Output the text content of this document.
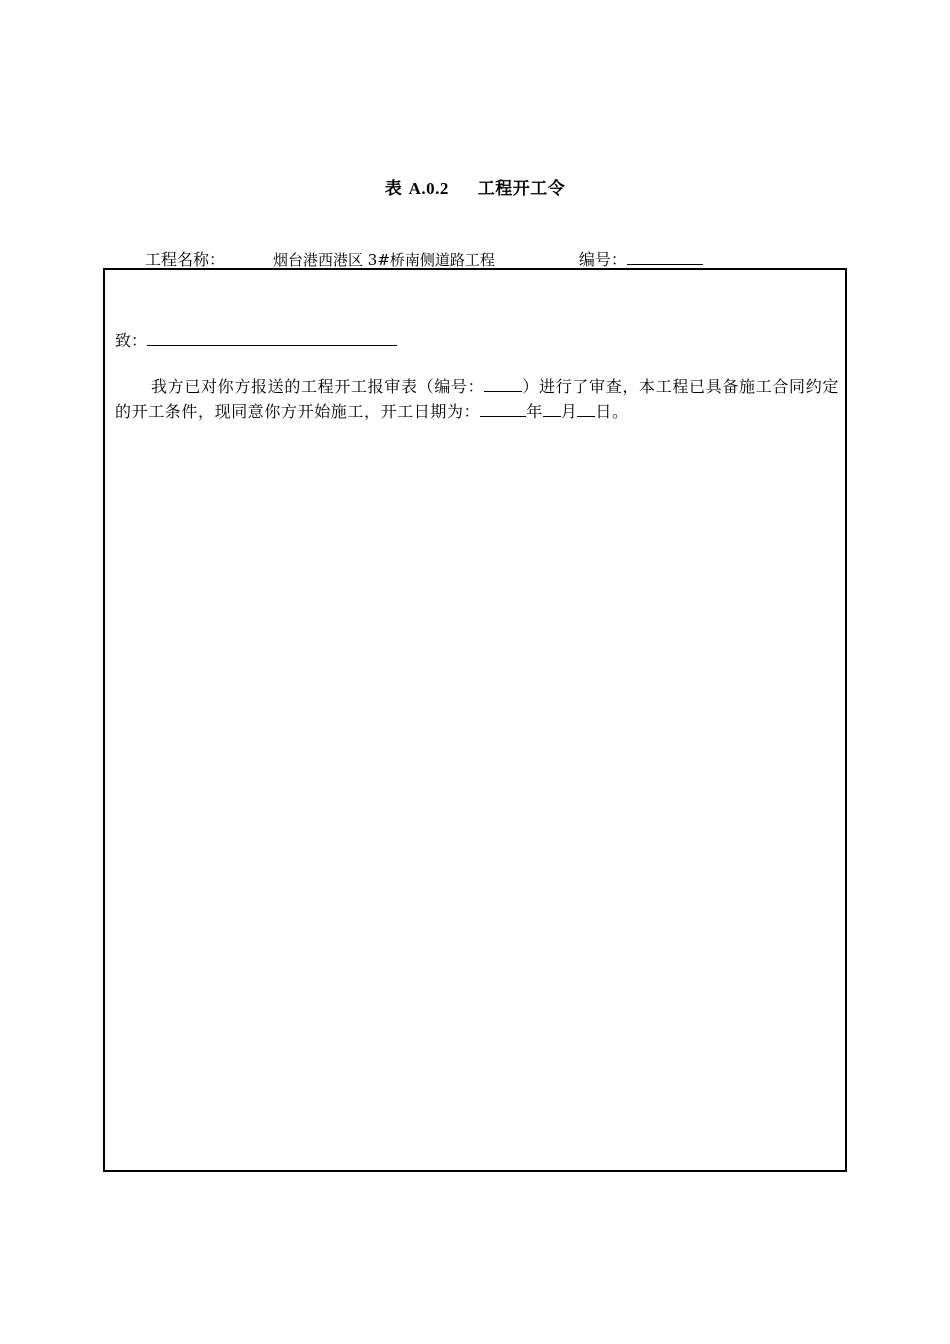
表 A.0.2 工程开工令
工程名称：	烟台港西港区 3#桥南侧道路工程	编号：
致：
我方已对你方报送的工程开工报审表（编号： ）进行了审查，本工程已具备施工合同约定的开工条件，现同意你方开始施工，开工日期为：	年 月 日。
